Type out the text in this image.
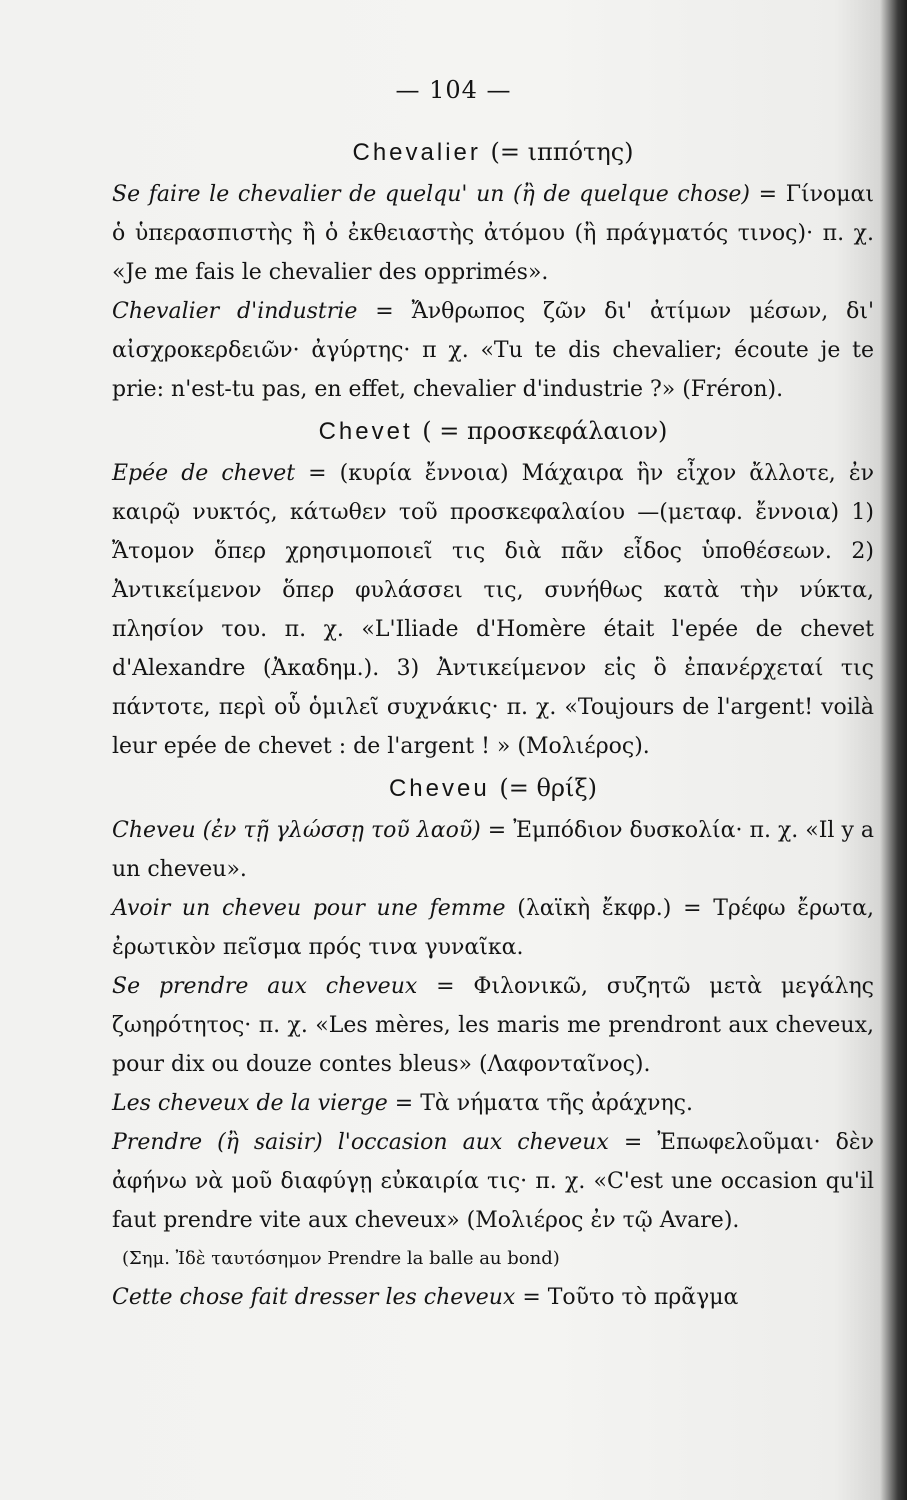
— 104 —

Chevalier (= ιππότης)

Se faire le chevalier de quelqu' un (ἢ de quelque chose) = Γίνομαι ὁ ὑπερασπιστὴς ἢ ὁ ἐκθειαστὴς ἀτόμου (ἢ πράγματός τινος)· π. χ. «Je me fais le chevalier des opprimés».

Chevalier d'industrie = Ἄνθρωπος ζῶν δι' ἀτίμων μέσων, δι' αἰσχροκερδειῶν· ἀγύρτης· π χ. «Tu te dis chevalier; écoute je te prie: n'est-tu pas, en effet, chevalier d'industrie ?» (Fréron).

Chevet ( = προσκεφάλαιον)

Epée de chevet = (κυρία ἔννοια) Μάχαιρα ἣν εἶχον ἄλλοτε, ἐν καιρῷ νυκτός, κάτωθεν τοῦ προσκεφαλαίου —(μεταφ. ἔννοια) 1) Ἄτομον ὅπερ χρησιμοποιεῖ τις διὰ πᾶν εἶδος ὑποθέσεων. 2) Ἀντικείμενον ὅπερ φυλάσσει τις, συνήθως κατὰ τὴν νύκτα, πλησίον του. π. χ. «L'Iliade d'Homère était l'epée de chevet d'Alexandre (Ἀκαδημ.). 3) Ἀντικείμενον εἰς ὃ ἐπανέρχεταί τις πάντοτε, περὶ οὗ ὁμιλεῖ συχνάκις· π. χ. «Toujours de l'argent! voilà leur epée de chevet : de l'argent ! » (Μολιέρος).

Cheveu (= θρίξ)

Cheveu (ἐν τῇ γλώσσῃ τοῦ λαοῦ) = Ἐμπόδιον δυσκολία· π. χ. «Il y a un cheveu».

Avoir un cheveu pour une femme (λαϊκὴ ἔκφρ.) = Τρέφω ἔρωτα, ἐρωτικὸν πεῖσμα πρός τινα γυναῖκα.

Se prendre aux cheveux = Φιλονικῶ, συζητῶ μετὰ μεγάλης ζωηρότητος· π. χ. «Les mères, les maris me prendront aux cheveux, pour dix ou douze contes bleus» (Λαφονταῖνος).

Les cheveux de la vierge = Τὰ νήματα τῆς ἀράχνης.

Prendre (ἢ saisir) l'occasion aux cheveux = Ἐπωφελοῦμαι· δὲν ἀφήνω νὰ μοῦ διαφύγῃ εὐκαιρία τις· π. χ. «C'est une occasion qu'il faut prendre vite aux cheveux» (Μολιέρος ἐν τῷ Avare).

(Σημ. Ἰδὲ ταυτόσημον Prendre la balle au bond)

Cette chose fait dresser les cheveux = Τοῦτο τὸ πρᾶγμα
